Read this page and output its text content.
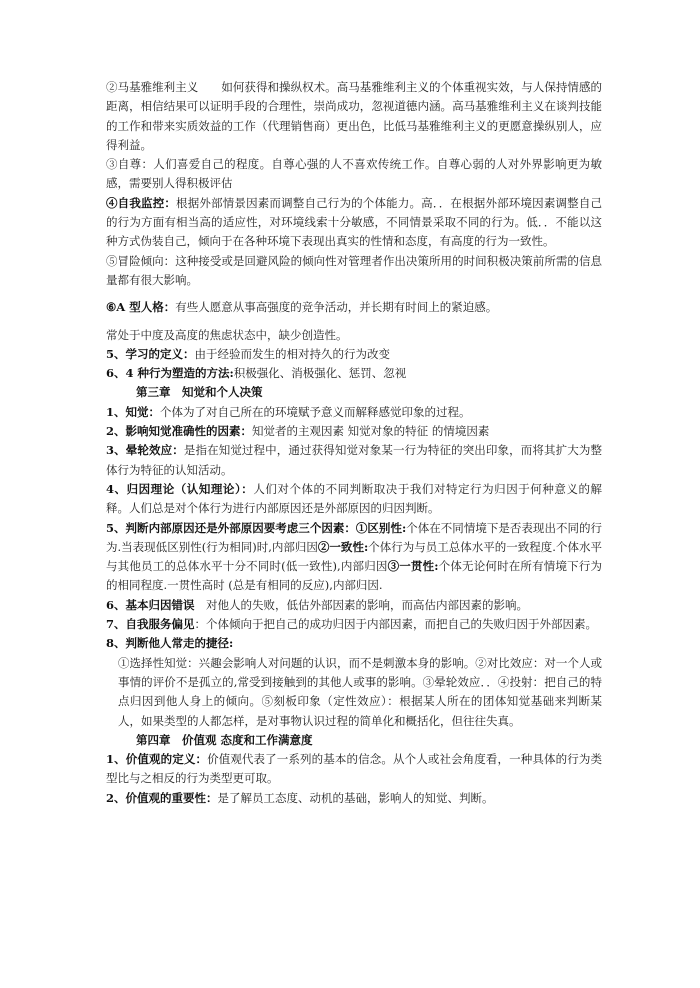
②马基雅维利主义　　如何获得和操纵权术。高马基雅维利主义的个体重视实效，与人保持情感的距离，相信结果可以证明手段的合理性，崇尚成功，忽视道德内涵。高马基雅维利主义在谈判技能的工作和带来实质效益的工作（代理销售商）更出色，比低马基雅维利主义的更愿意操纵别人，应得利益。

③自尊：人们喜爱自己的程度。自尊心强的人不喜欢传统工作。自尊心弱的人对外界影响更为敏感，需要别人得积极评估

④自我监控：根据外部情景因素而调整自己行为的个体能力。高．．在根据外部环境因素调整自己的行为方面有相当高的适应性，对环境线索十分敏感，不同情景采取不同的行为。低．．不能以这种方式伪装自己，倾向于在各种环境下表现出真实的性情和态度，有高度的行为一致性。

⑤冒险倾向：这种接受或是回避风险的倾向性对管理者作出决策所用的时间积极决策前所需的信息量都有很大影响。

⑥A 型人格：有些人愿意从事高强度的竞争活动，并长期有时间上的紧迫感。

常处于中度及高度的焦虑状态中，缺少创造性。

5、学习的定义：由于经验而发生的相对持久的行为改变

6、4 种行为塑造的方法:积极强化、消极强化、惩罚、忽视

第三章　知觉和个人决策

1、知觉：个体为了对自己所在的环境赋予意义而解释感觉印象的过程。

2、影响知觉准确性的因素：知觉者的主观因素 知觉对象的特征 的情境因素

3、晕轮效应：是指在知觉过程中，通过获得知觉对象某一行为特征的突出印象，而将其扩大为整体行为特征的认知活动。

4、归因理论（认知理论）：人们对个体的不同判断取决于我们对特定行为归因于何种意义的解释。人们总是对个体行为进行内部原因还是外部原因的归因判断。

5、判断内部原因还是外部原因要考虑三个因素：①区别性:个体在不同情境下是否表现出不同的行为.当表现低区别性(行为相同)时,内部归因②一致性:个体行为与员工总体水平的一致程度.个体水平与其他员工的总体水平十分不同时(低一致性),内部归因③一贯性:个体无论何时在所有情境下行为的相同程度.一贯性高时 (总是有相同的反应),内部归因.

6、基本归因错误　对他人的失败，低估外部因素的影响，而高估内部因素的影响。

7、自我服务偏见：个体倾向于把自己的成功归因于内部因素，而把自己的失败归因于外部因素。

8、判断他人常走的捷径:

①选择性知觉：兴趣会影响人对问题的认识，而不是刺激本身的影响。②对比效应：对一个人或事情的评价不是孤立的,常受到接触到的其他人或事的影响。③晕轮效应．．④投射：把自己的特点归因到他人身上的倾向。⑤刻板印象（定性效应）：根据某人所在的团体知觉基础来判断某人，如果类型的人都怎样，是对事物认识过程的简单化和概括化，但往往失真。

第四章　价值观 态度和工作满意度

1、价值观的定义：价值观代表了一系列的基本的信念。从个人或社会角度看，一种具体的行为类型比与之相反的行为类型更可取。

2、价值观的重要性：是了解员工态度、动机的基础，影响人的知觉、判断。
